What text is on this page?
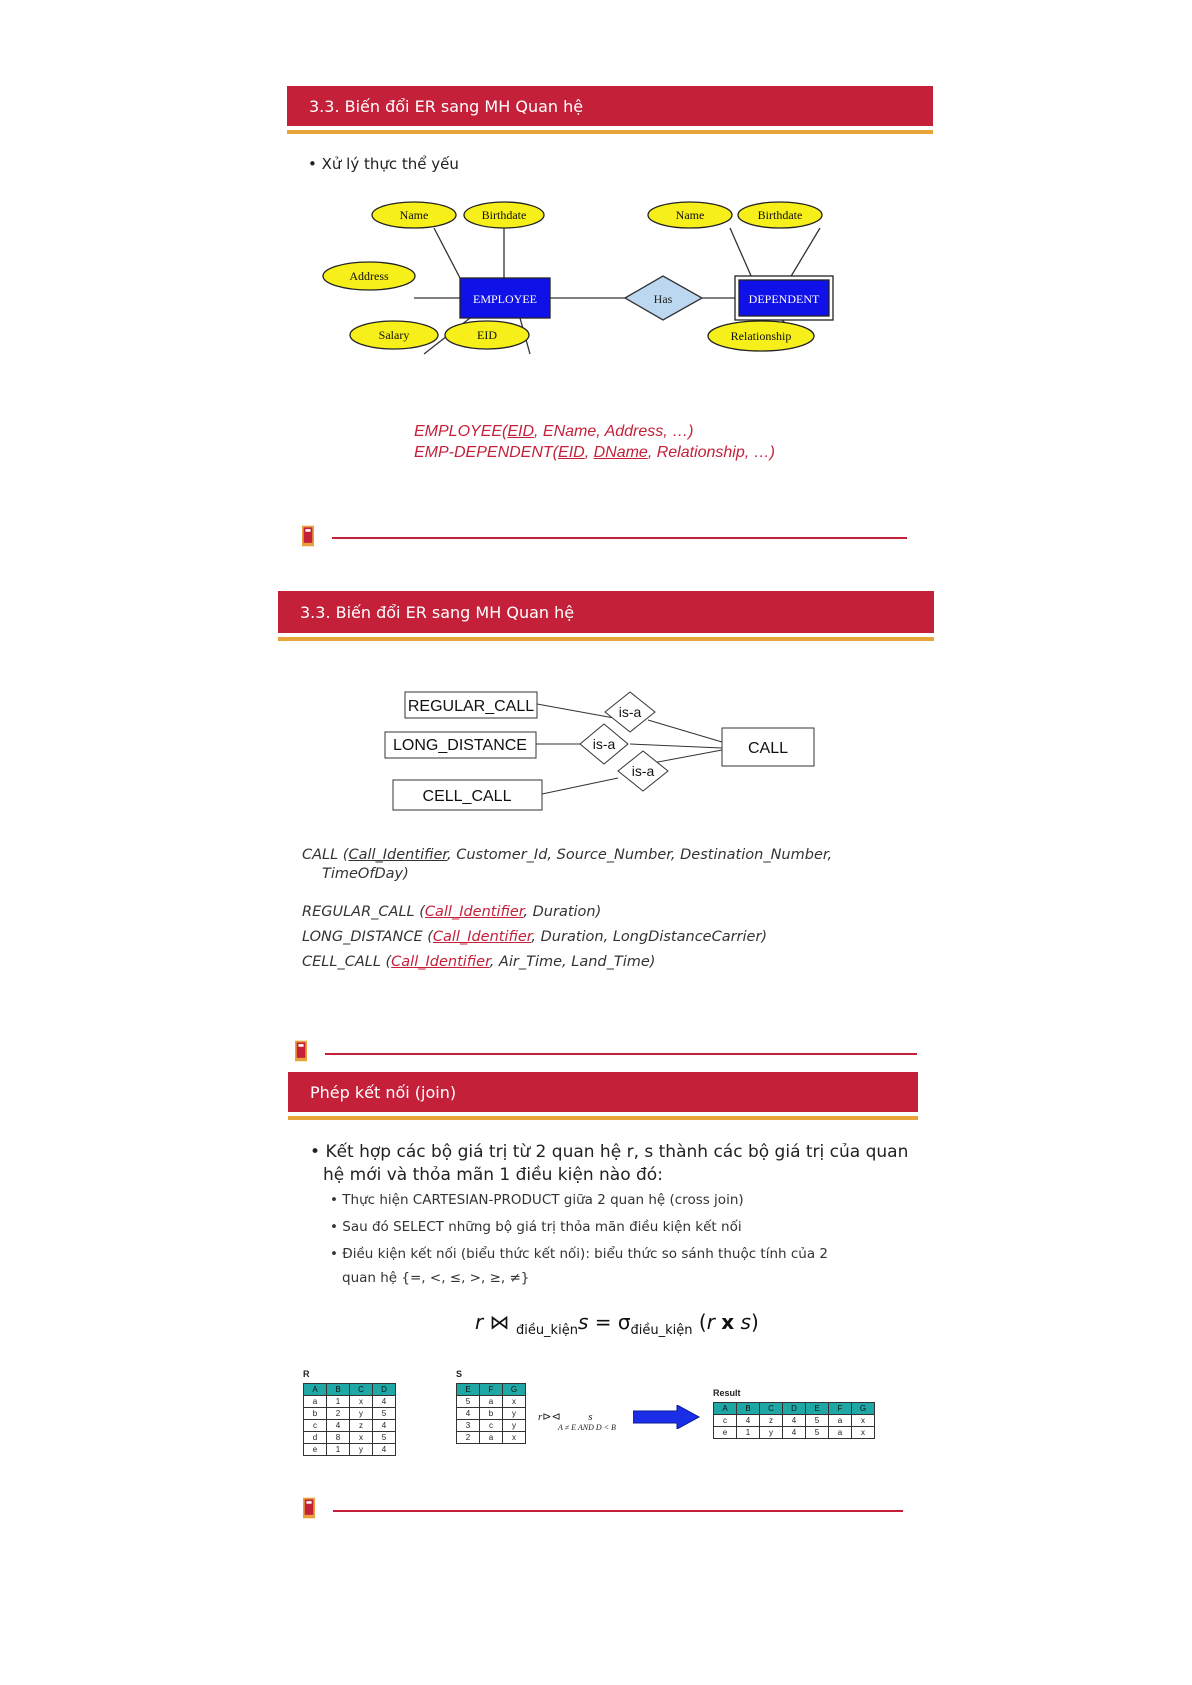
3.3. Biến đổi ER sang MH Quan hệ
• Xử lý thực thể yếu
EMPLOYEE	Has	DEPENDENT
Name	Birthdate
Address
Salary	EID
Name	Birthdate
Relationship
EMPLOYEE(EID, EName, Address, …)
EMP-DEPENDENT(EID, DName, Relationship, …)
3.3. Biến đổi ER sang MH Quan hệ
REGULAR_CALL
LONG_DISTANCE
CELL_CALL
CALL
is-a
is-a
is-a
CALL (Call_Identifier, Customer_Id, Source_Number, Destination_Number,
TimeOfDay)
REGULAR_CALL (Call_Identifier, Duration)
LONG_DISTANCE (Call_Identifier, Duration, LongDistanceCarrier)
CELL_CALL (Call_Identifier, Air_Time, Land_Time)
Phép kết nối (join)
• Kết hợp các bộ giá trị từ 2 quan hệ r, s thành các bộ giá trị của quan
hệ mới và thỏa mãn 1 điều kiện nào đó:
• Thực hiện CARTESIAN-PRODUCT giữa 2 quan hệ (cross join)
• Sau đó SELECT những bộ giá trị thỏa mãn điều kiện kết nối
• Điều kiện kết nối (biểu thức kết nối): biểu thức so sánh thuộc tính của 2
quan hệ {=, <, ≤, >, ≥, ≠}
r ⋈ $_{điều\_kiện}s = \sigma_{điều\_kiện}$ (r x s)
R
A	B	C	D
a	1	x	4
b	2	y	5
c	4	z	4
d	8	x	5
e	1	y	4
S
E	F	G
5	a	x
4	b	y
3	c	y
2	a	x
r⊳⊲	s
A ≠ E AND D < B
Result
A	B	C	D	E	F	G
c	4	z	4	5	a	x
e	1	y	4	5	a	x
